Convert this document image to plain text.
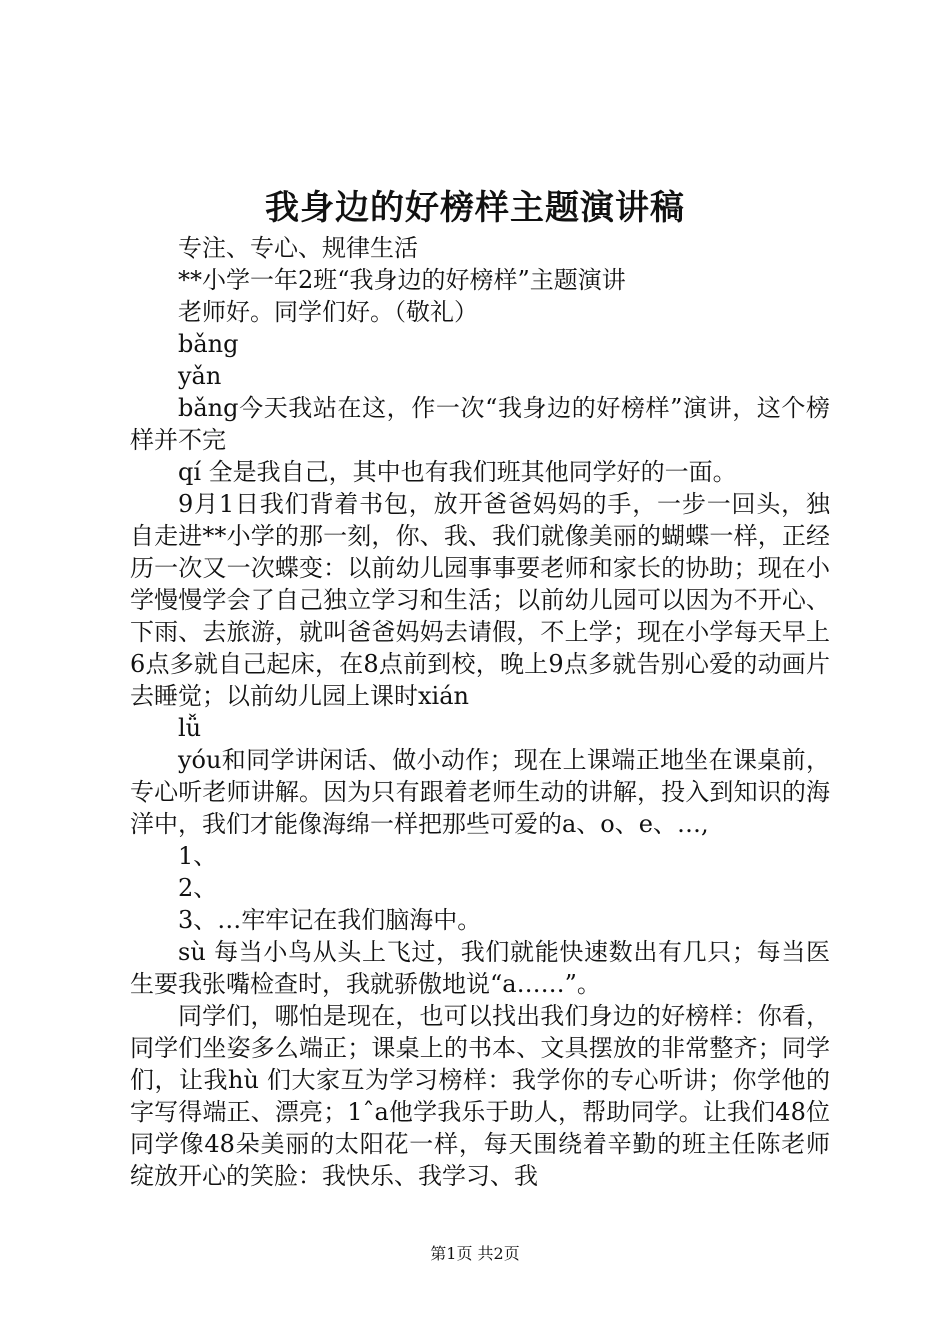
我身边的好榜样主题演讲稿

专注、专心、规律生活

**小学一年2班“我身边的好榜样”主题演讲

老师好。同学们好。（敬礼）

bǎng

yǎn

bǎng今天我站在这，作一次“我身边的好榜样”演讲，这个榜样并不完

qí 全是我自己，其中也有我们班其他同学好的一面。

9月1日我们背着书包，放开爸爸妈妈的手，一步一回头，独自走进**小学的那一刻，你、我、我们就像美丽的蝴蝶一样，正经历一次又一次蝶变：以前幼儿园事事要老师和家长的协助；现在小学慢慢学会了自己独立学习和生活；以前幼儿园可以因为不开心、下雨、去旅游，就叫爸爸妈妈去请假，不上学；现在小学每天早上6点多就自己起床，在8点前到校，晚上9点多就告别心爱的动画片去睡觉；以前幼儿园上课时xián

lǚ

yóu和同学讲闲话、做小动作；现在上课端正地坐在课桌前，专心听老师讲解。因为只有跟着老师生动的讲解，投入到知识的海洋中，我们才能像海绵一样把那些可爱的a、o、e、…,

1、

2、

3、…牢牢记在我们脑海中。

sù 每当小鸟从头上飞过，我们就能快速数出有几只；每当医生要我张嘴检查时，我就骄傲地说“a……”。

同学们，哪怕是现在，也可以找出我们身边的好榜样：你看，同学们坐姿多么端正；课桌上的书本、文具摆放的非常整齐；同学们，让我hù 们大家互为学习榜样：我学你的专心听讲；你学他的字写得端正、漂亮；1ˆa他学我乐于助人，帮助同学。让我们48位同学像48朵美丽的太阳花一样，每天围绕着辛勤的班主任陈老师绽放开心的笑脸：我快乐、我学习、我

第1页 共2页
